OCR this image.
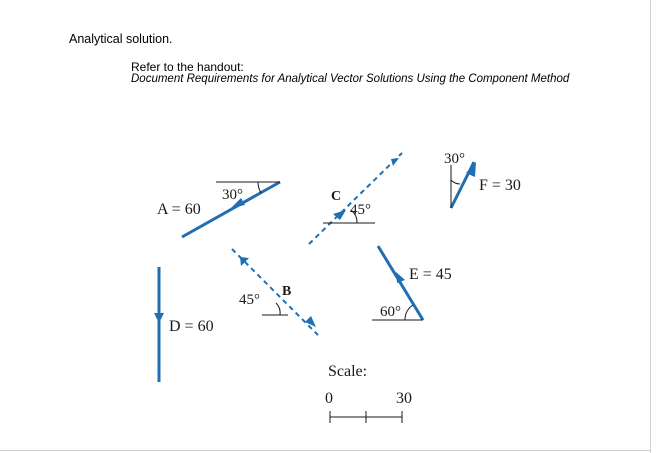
Analytical solution.
Refer to the handout:
Document Requirements for Analytical Vector Solutions Using the Component Method
30°
A = 60
45°
B
45°
C
D = 60
60°
E = 45
30°
F = 30
Scale:
0	30
